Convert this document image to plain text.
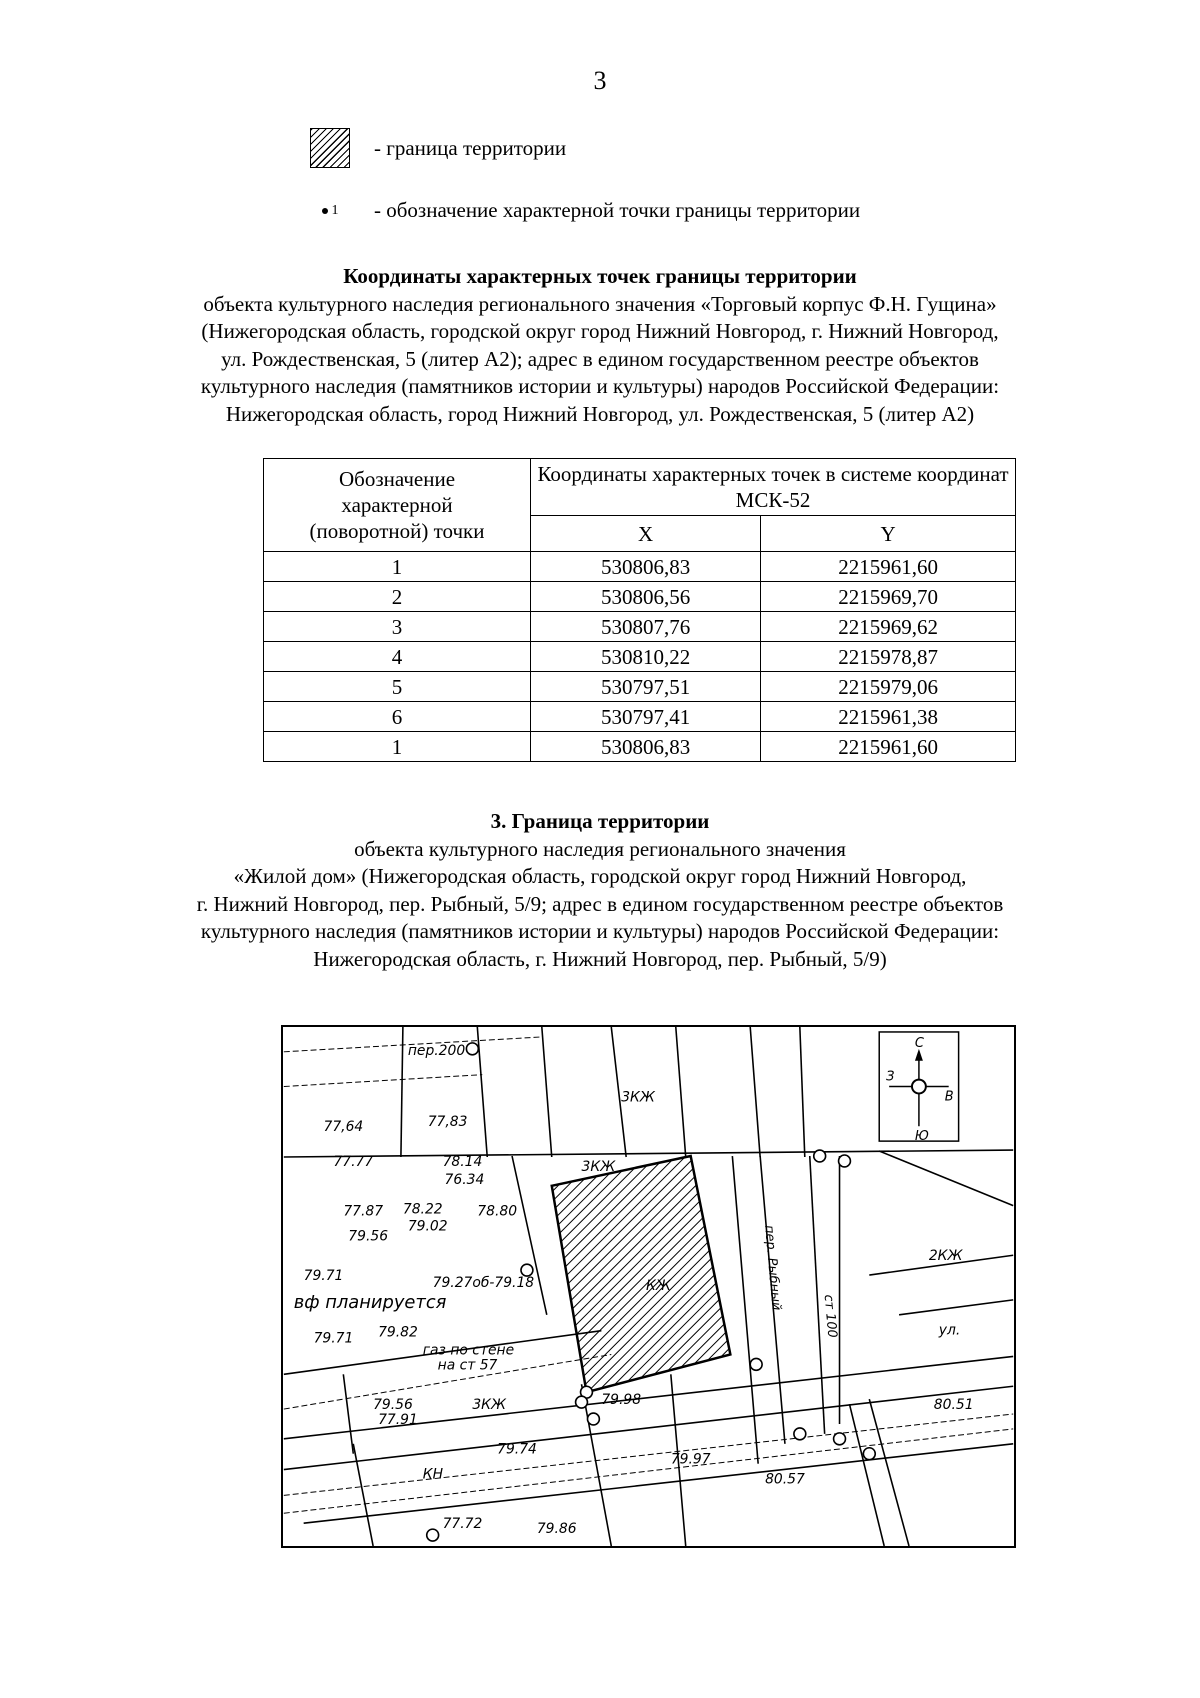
3
- граница территории
1 - обозначение характерной точки границы территории
Координаты характерных точек границы территории
объекта культурного наследия регионального значения «Торговый корпус Ф.Н. Гущина»
(Нижегородская область, городской округ город Нижний Новгород, г. Нижний Новгород,
ул. Рождественская, 5 (литер А2); адрес в едином государственном реестре объектов
культурного наследия (памятников истории и культуры) народов Российской Федерации:
Нижегородская область, город Нижний Новгород, ул. Рождественская, 5 (литер А2)
Обозначение
характерной
(поворотной) точки	Координаты характерных точек в системе координат МСК-52	
	X	Y
1	530806,83	2215961,60
2	530806,56	2215969,70
3	530807,76	2215969,62
4	530810,22	2215978,87
5	530797,51	2215979,06
6	530797,41	2215961,38
1	530806,83	2215961,60
3. Граница территории
объекта культурного наследия регионального значения
«Жилой дом» (Нижегородская область, городской округ город Нижний Новгород,
г. Нижний Новгород, пер. Рыбный, 5/9; адрес в едином государственном реестре объектов
культурного наследия (памятников истории и культуры) народов Российской Федерации:
Нижегородская область, г. Нижний Новгород, пер. Рыбный, 5/9)
С
Ю
В
З
пер.200
3КЖ
3КЖ
КЖ
77,64	77,83
77.77	78.14
76.34
77.87 78.22 78.80
79.56
79.02
79.71	79.27 об-79.18
вф планируется
79.71 79.82
газ по стене
на ст 57
79.56
77.91
3КЖ
пер. Рыбный
ст 100
2КЖ
ул.
79.98
79.74
79.97
80.57
80.51
79.86
77.72
КН
